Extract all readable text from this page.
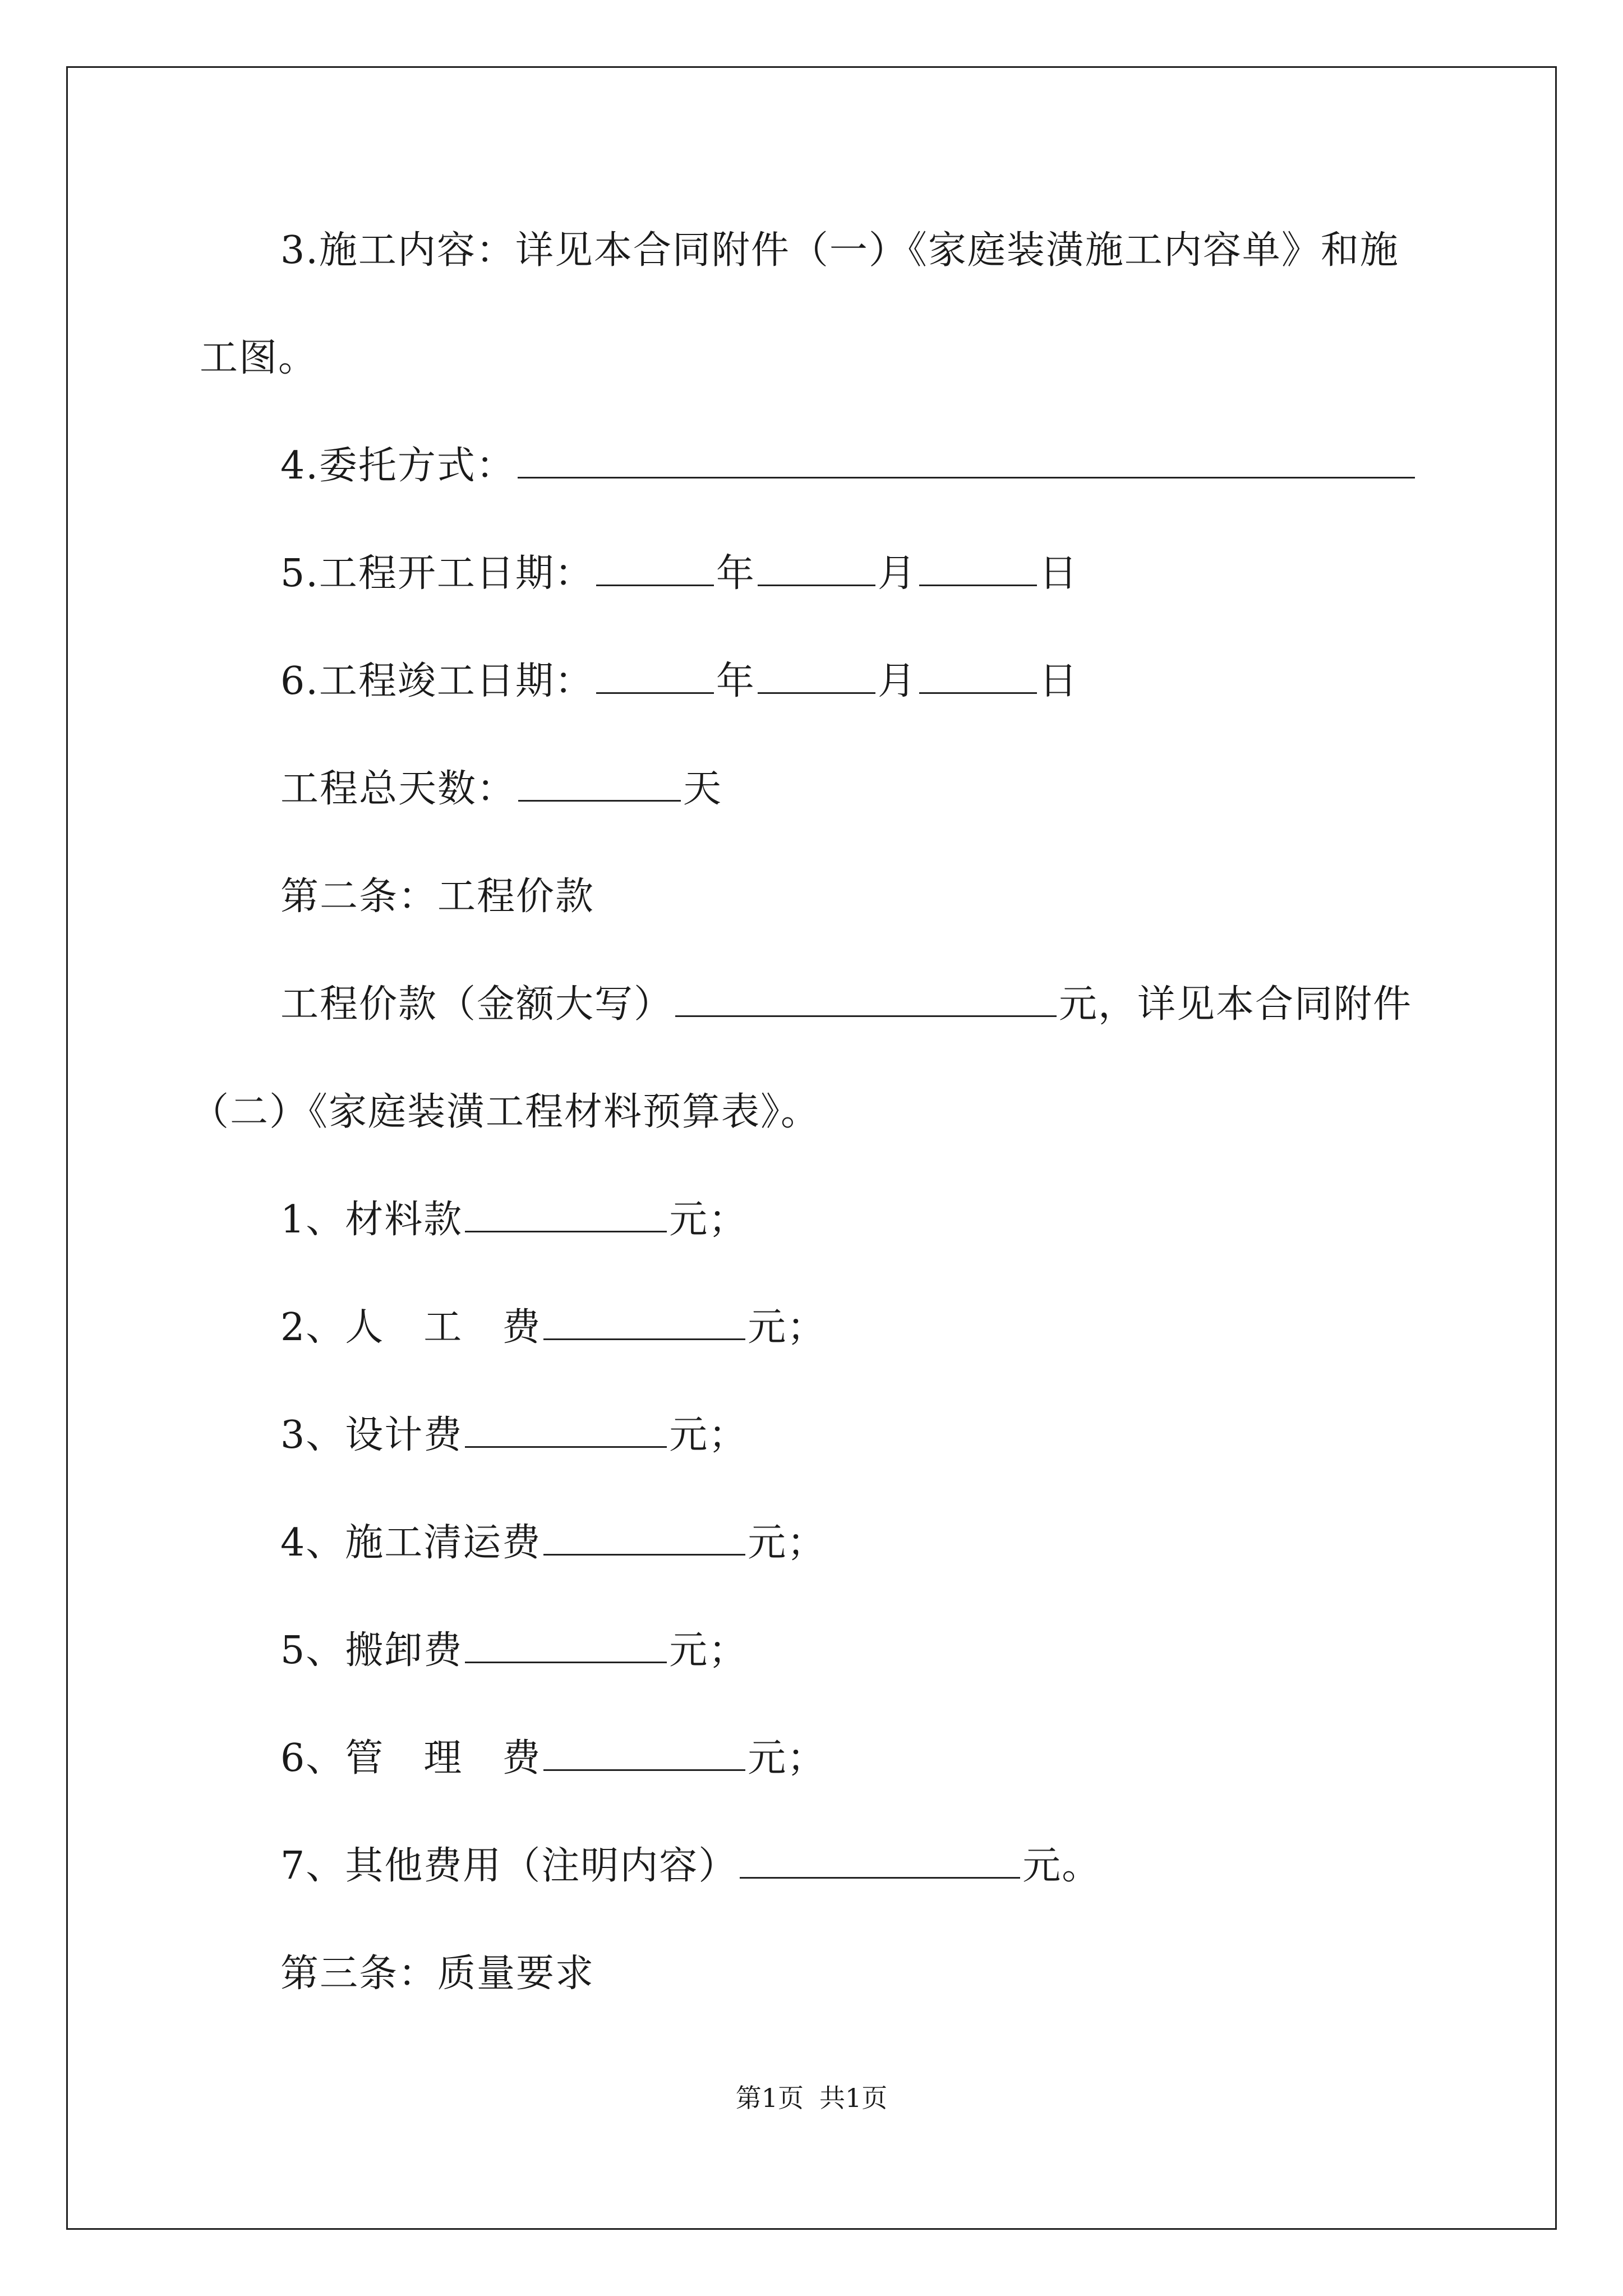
3.施工内容：详见本合同附件（一）《家庭装潢施工内容单》和施
工图。
4.委托方式：
5.工程开工日期：	年	月	日
6.工程竣工日期：	年	月	日
工程总天数：	天
第二条：工程价款
工程价款（金额大写）	元，详见本合同附件
（二）《家庭装潢工程材料预算表》。
1、材料款	元；
2、人　工　费	元；
3、设计费	元；
4、施工清运费	元；
5、搬卸费	元；
6、管　理　费	元；
7、其他费用（注明内容）	元。
第三条：质量要求
第1页 共1页
